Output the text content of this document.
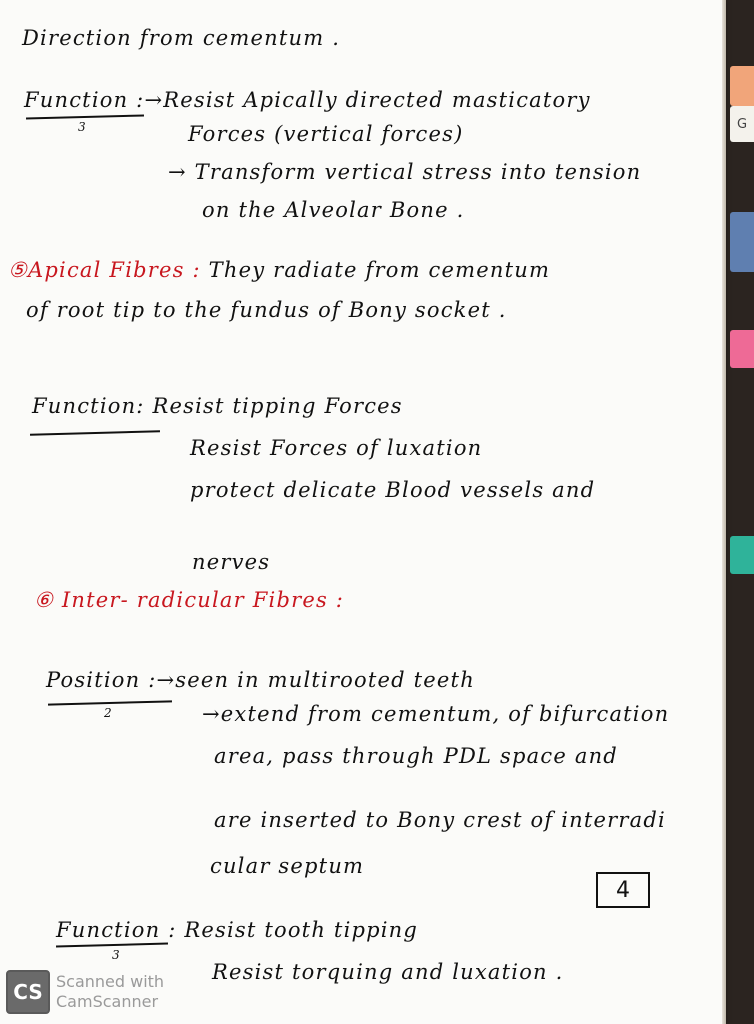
Direction from cementum .
Function :→Resist Apically directed masticatory
3	Forces (vertical forces)
→ Transform vertical stress into tension
on the Alveolar Bone .
⑤Apical Fibres : They radiate from cementum
of root tip to the fundus of Bony socket .
Function: Resist tipping Forces
Resist Forces of luxation
protect delicate Blood vessels and
nerves
⑥ Inter- radicular Fibres :
Position :→seen in multirooted teeth
2	→extend from cementum, of bifurcation
area, pass through PDL space and
are inserted to Bony crest of interradi
cular septum
4
Function : Resist tooth tipping
3
Resist torquing and luxation .
CS Scanned with
CamScanner
G
